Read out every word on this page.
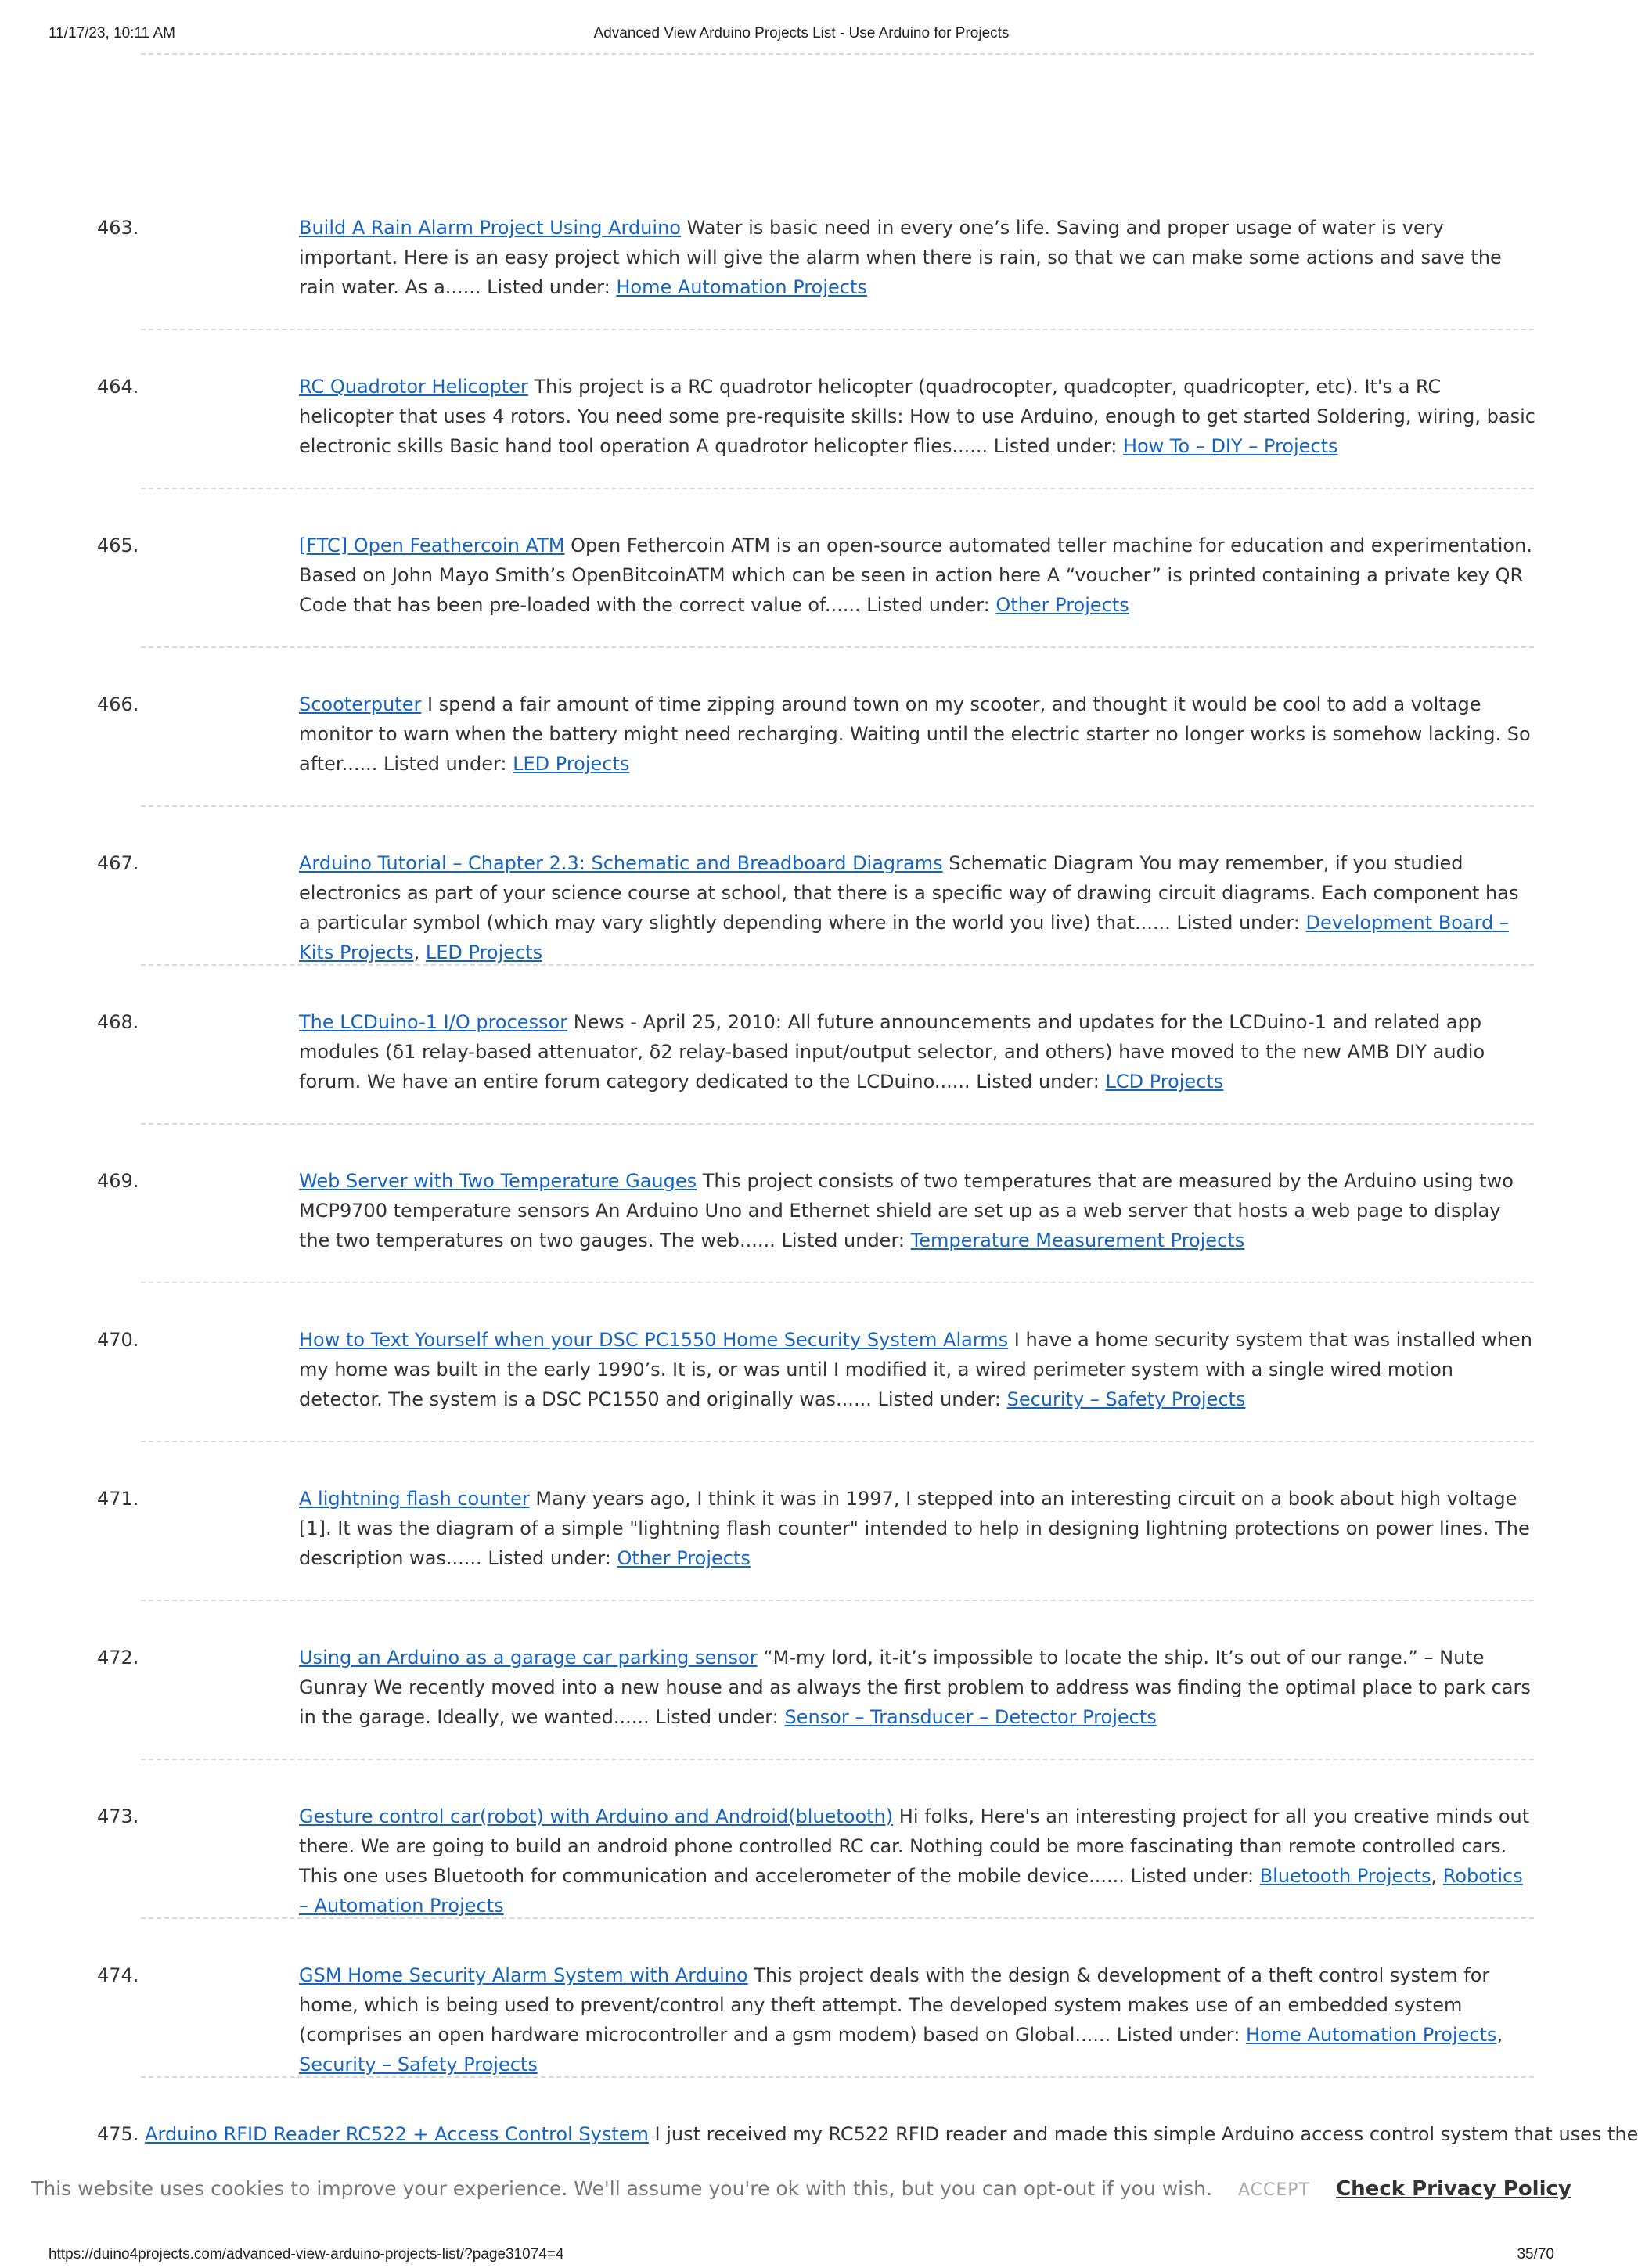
11/17/23, 10:11 AM	Advanced View Arduino Projects List - Use Arduino for Projects
463.	Build A Rain Alarm Project Using Arduino Water is basic need in every one’s life. Saving and proper usage of water is very important. Here is an easy project which will give the alarm when there is rain, so that we can make some actions and save the rain water. As a...... Listed under: Home Automation Projects
464.	RC Quadrotor Helicopter This project is a RC quadrotor helicopter (quadrocopter, quadcopter, quadricopter, etc). It's a RC helicopter that uses 4 rotors. You need some pre-requisite skills: How to use Arduino, enough to get started Soldering, wiring, basic electronic skills Basic hand tool operation A quadrotor helicopter flies...... Listed under: How To – DIY – Projects
465.	[FTC] Open Feathercoin ATM Open Fethercoin ATM is an open-source automated teller machine for education and experimentation. Based on John Mayo Smith’s OpenBitcoinATM which can be seen in action here A “voucher” is printed containing a private key QR Code that has been pre-loaded with the correct value of...... Listed under: Other Projects
466.	Scooterputer I spend a fair amount of time zipping around town on my scooter, and thought it would be cool to add a voltage monitor to warn when the battery might need recharging. Waiting until the electric starter no longer works is somehow lacking. So after...... Listed under: LED Projects
467.	Arduino Tutorial – Chapter 2.3: Schematic and Breadboard Diagrams Schematic Diagram You may remember, if you studied electronics as part of your science course at school, that there is a specific way of drawing circuit diagrams. Each component has a particular symbol (which may vary slightly depending where in the world you live) that...... Listed under: Development Board – Kits Projects, LED Projects
468.	The LCDuino-1 I/O processor News - April 25, 2010: All future announcements and updates for the LCDuino-1 and related app modules (δ1 relay-based attenuator, δ2 relay-based input/output selector, and others) have moved to the new AMB DIY audio forum. We have an entire forum category dedicated to the LCDuino...... Listed under: LCD Projects
469.	Web Server with Two Temperature Gauges This project consists of two temperatures that are measured by the Arduino using two MCP9700 temperature sensors An Arduino Uno and Ethernet shield are set up as a web server that hosts a web page to display the two temperatures on two gauges. The web...... Listed under: Temperature Measurement Projects
470.	How to Text Yourself when your DSC PC1550 Home Security System Alarms I have a home security system that was installed when my home was built in the early 1990’s. It is, or was until I modified it, a wired perimeter system with a single wired motion detector. The system is a DSC PC1550 and originally was...... Listed under: Security – Safety Projects
471.	A lightning flash counter Many years ago, I think it was in 1997, I stepped into an interesting circuit on a book about high voltage [1]. It was the diagram of a simple "lightning flash counter" intended to help in designing lightning protections on power lines. The description was...... Listed under: Other Projects
472.	Using an Arduino as a garage car parking sensor “M-my lord, it-it’s impossible to locate the ship. It’s out of our range.” – Nute Gunray We recently moved into a new house and as always the first problem to address was finding the optimal place to park cars in the garage. Ideally, we wanted...... Listed under: Sensor – Transducer – Detector Projects
473.	Gesture control car(robot) with Arduino and Android(bluetooth) Hi folks, Here's an interesting project for all you creative minds out there. We are going to build an android phone controlled RC car. Nothing could be more fascinating than remote controlled cars. This one uses Bluetooth for communication and accelerometer of the mobile device...... Listed under: Bluetooth Projects, Robotics – Automation Projects
474.	GSM Home Security Alarm System with Arduino This project deals with the design & development of a theft control system for home, which is being used to prevent/control any theft attempt. The developed system makes use of an embedded system (comprises an open hardware microcontroller and a gsm modem) based on Global...... Listed under: Home Automation Projects, Security – Safety Projects
475. Arduino RFID Reader RC522 + Access Control System I just received my RC522 RFID reader and made this simple Arduino access control system that uses the
This website uses cookies to improve your experience. We'll assume you're ok with this, but you can opt-out if you wish. ACCEPT Check Privacy Policy
https://duino4projects.com/advanced-view-arduino-projects-list/?page31074=4	35/70
